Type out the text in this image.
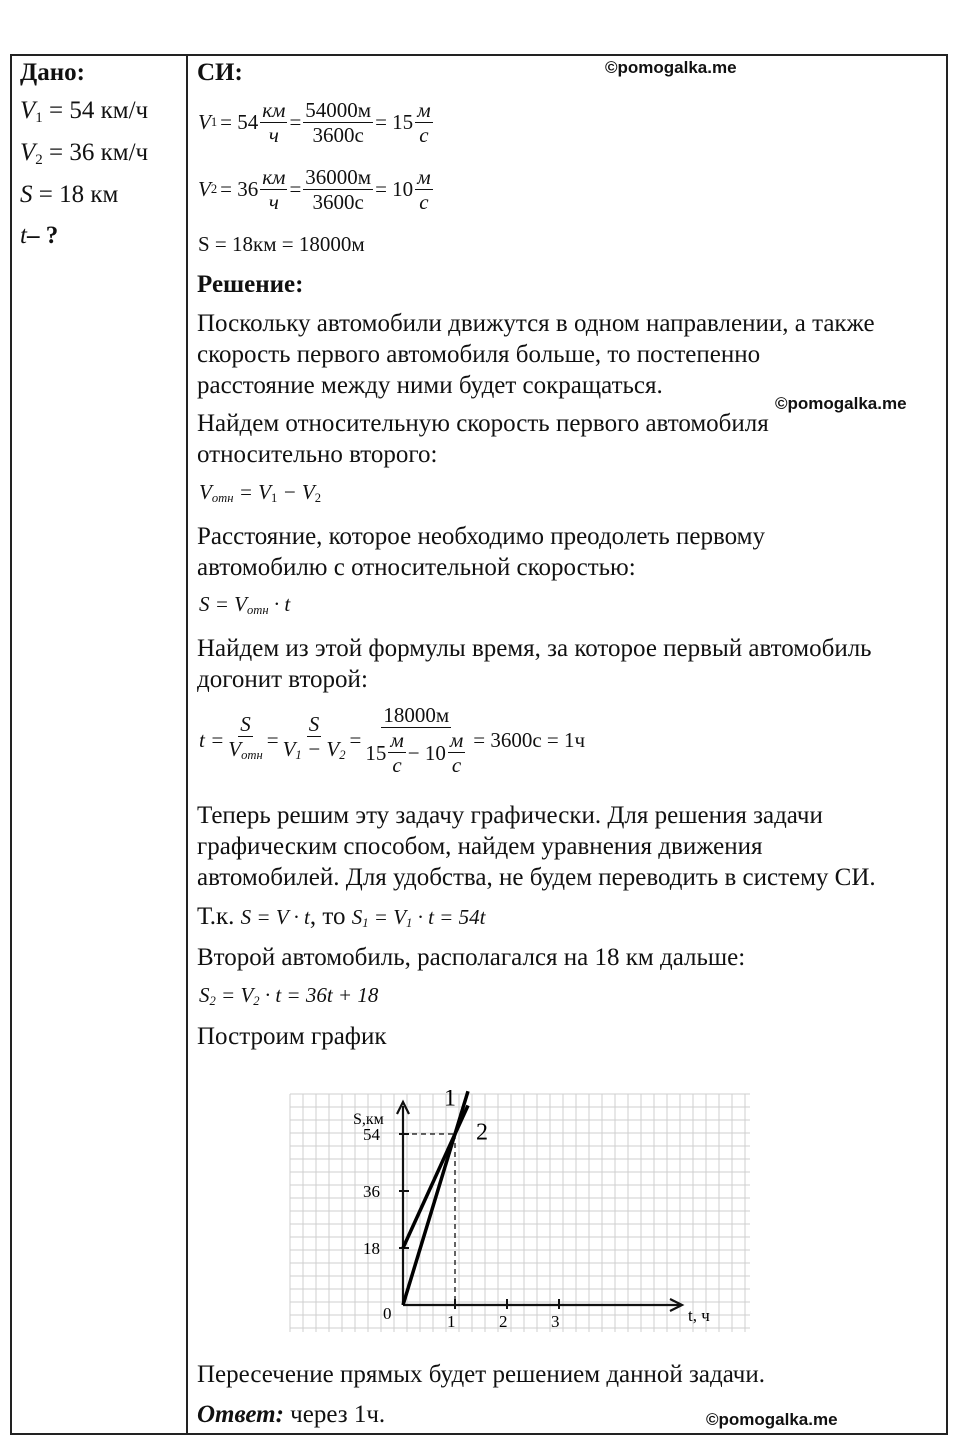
Дано:
$V_1 = 54$ км/ч
$V_2 = 36$ км/ч
S = 18 км
t– ?
©pomogalka.me
©pomogalka.me
©pomogalka.me
СИ:
V $1 = 54 \frac{км}{ч} = \frac{54000м}{3600с} = 15 \frac{м}{с}$
V $2 = 36 \frac{км}{ч} = \frac{36000м}{3600с} = 10 \frac{м}{с}$
S = 18км = 18000м
Решение:
Поскольку автомобили движутся в одном направлении, а также
скорость первого автомобиля больше, то постепенно
расстояние между ними будет сокращаться.
Найдем относительную скорость первого автомобиля
относительно второго:
$V_{отн} = V_1 - V_2$
Расстояние, которое необходимо преодолеть первому
автомобилю с относительной скоростью:
$S = V_{отн} \cdot t$
Найдем из этой формулы время, за которое первый автомобиль
догонит второй:
$t = \frac{S}{V_{отн}} = \frac{S}{V_1 - V_2} = \frac{18000м}{15 \frac{м}{с} - 10 \frac{м}{с}} = 3600с = 1ч$
Теперь решим эту задачу графически. Для решения задачи
графическим способом, найдем уравнения движения
автомобилей. Для удобства, не будем переводить в систему СИ.
Т.к. S = V · t, то $S_1 = V_1 \cdot t = 54t$
Второй автомобиль, располагался на 18 км дальше:
$S_2 = V_2 \cdot t = 36t + 18$
Построим график
S,км
t, ч
0
18
36
54
1	2	3
1
2
Пересечение прямых будет решением данной задачи.
Ответ: через 1ч.
